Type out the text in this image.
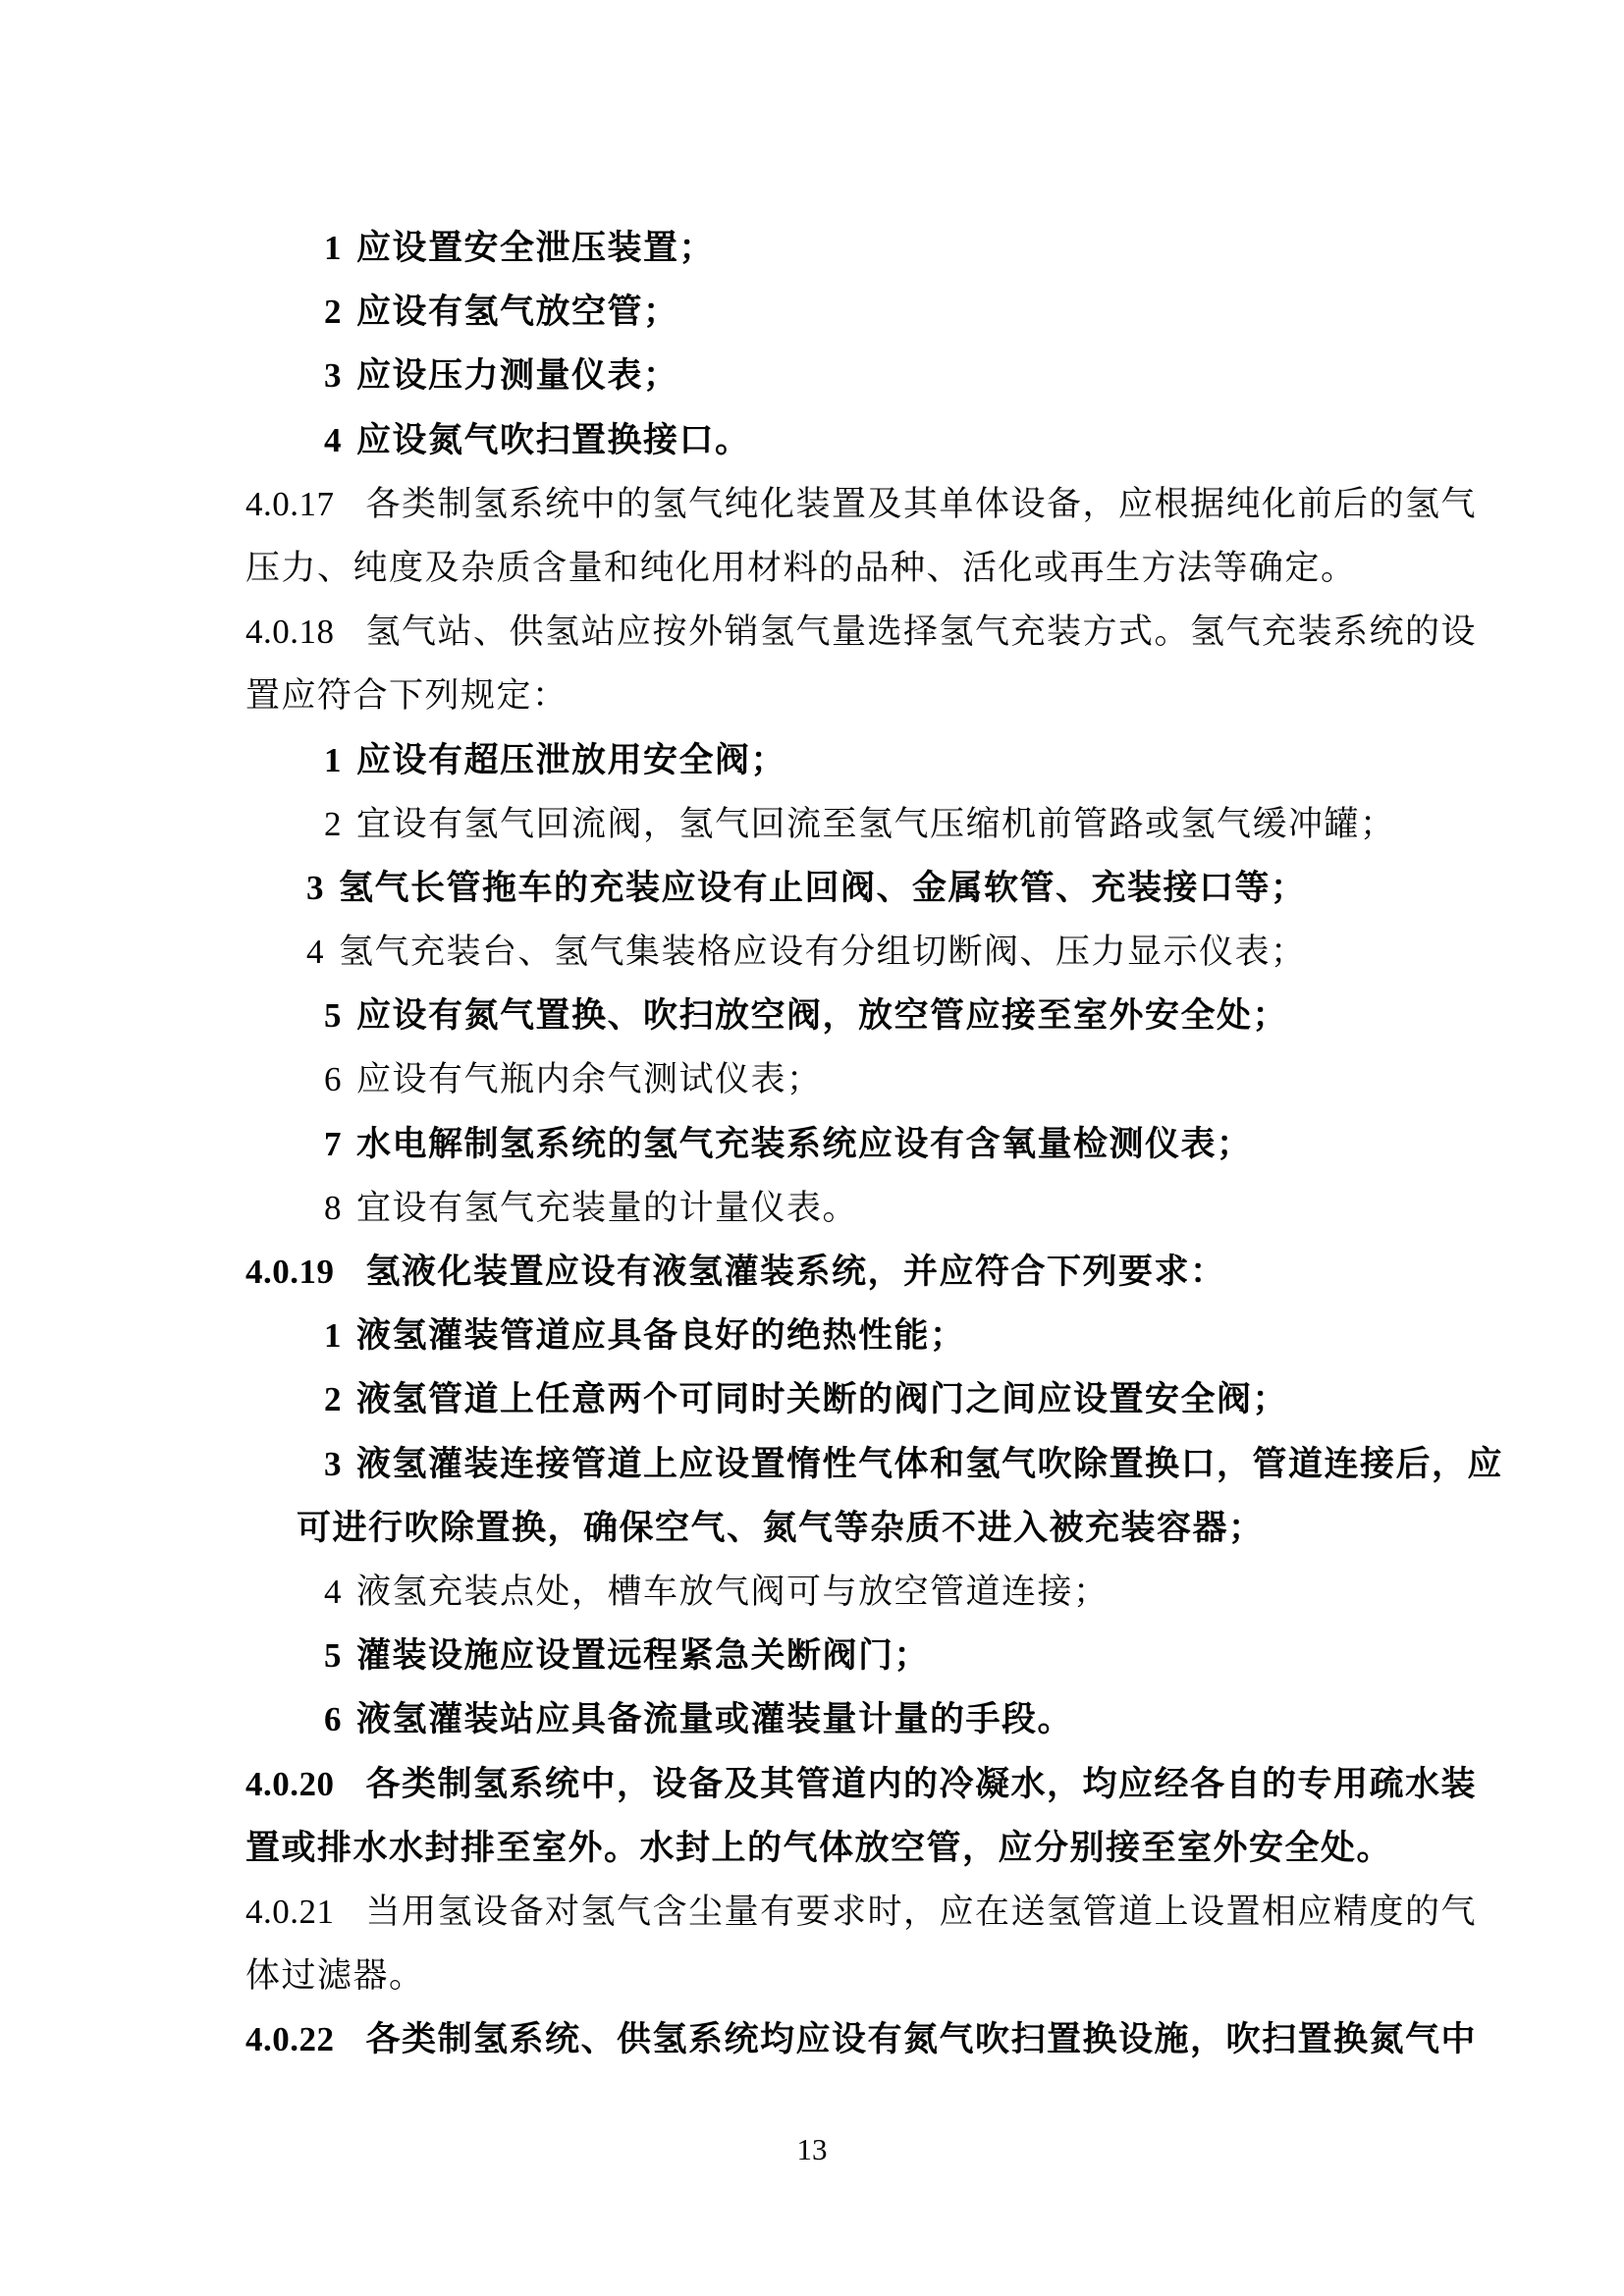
1 应设置安全泄压装置；
2 应设有氢气放空管；
3 应设压力测量仪表；
4 应设氮气吹扫置换接口。
4.0.17 各类制氢系统中的氢气纯化装置及其单体设备，应根据纯化前后的氢气
压力、纯度及杂质含量和纯化用材料的品种、活化或再生方法等确定。
4.0.18 氢气站、供氢站应按外销氢气量选择氢气充装方式。氢气充装系统的设
置应符合下列规定：
1 应设有超压泄放用安全阀；
2 宜设有氢气回流阀，氢气回流至氢气压缩机前管路或氢气缓冲罐；
3 氢气长管拖车的充装应设有止回阀、金属软管、充装接口等；
4 氢气充装台、氢气集装格应设有分组切断阀、压力显示仪表；
5 应设有氮气置换、吹扫放空阀，放空管应接至室外安全处；
6 应设有气瓶内余气测试仪表；
7 水电解制氢系统的氢气充装系统应设有含氧量检测仪表；
8 宜设有氢气充装量的计量仪表。
4.0.19 氢液化装置应设有液氢灌装系统，并应符合下列要求：
1 液氢灌装管道应具备良好的绝热性能；
2 液氢管道上任意两个可同时关断的阀门之间应设置安全阀；
3 液氢灌装连接管道上应设置惰性气体和氢气吹除置换口，管道连接后，应
可进行吹除置换，确保空气、氮气等杂质不进入被充装容器；
4 液氢充装点处，槽车放气阀可与放空管道连接；
5 灌装设施应设置远程紧急关断阀门；
6 液氢灌装站应具备流量或灌装量计量的手段。
4.0.20 各类制氢系统中，设备及其管道内的冷凝水，均应经各自的专用疏水装
置或排水水封排至室外。水封上的气体放空管，应分别接至室外安全处。
4.0.21 当用氢设备对氢气含尘量有要求时，应在送氢管道上设置相应精度的气
体过滤器。
4.0.22 各类制氢系统、供氢系统均应设有氮气吹扫置换设施，吹扫置换氮气中
13
